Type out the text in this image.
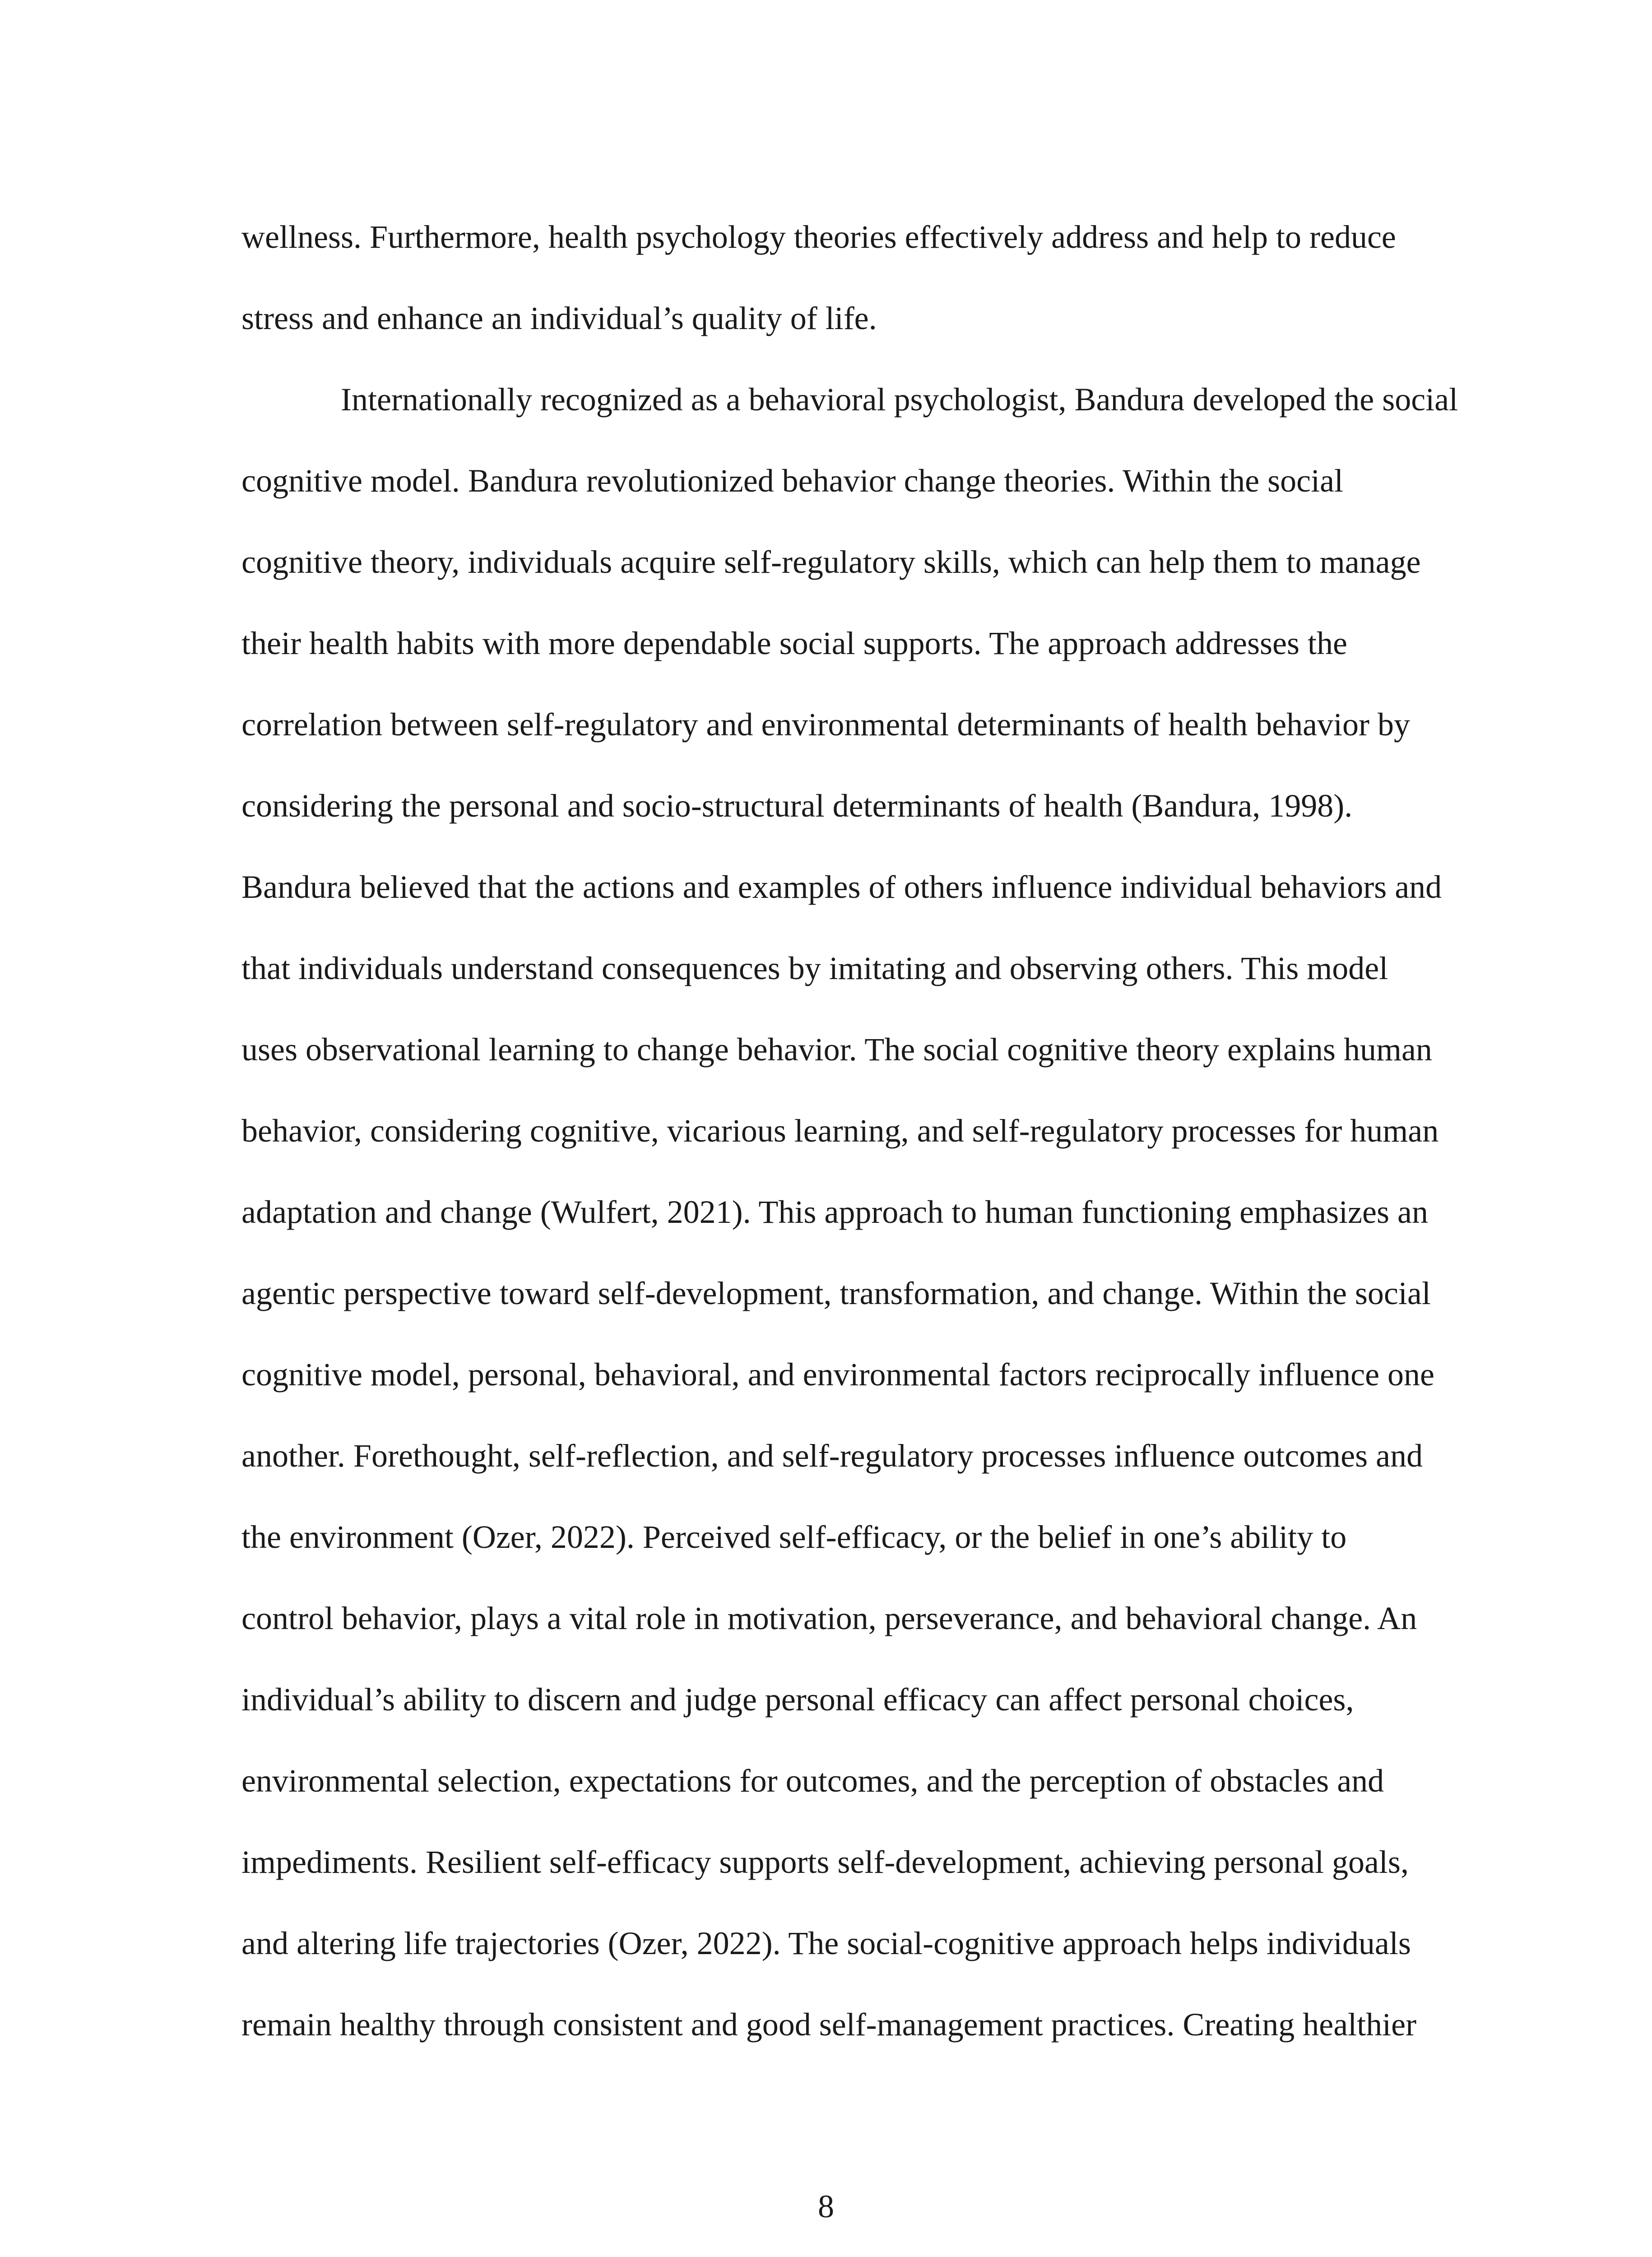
wellness. Furthermore, health psychology theories effectively address and help to reduce
stress and enhance an individual’s quality of life.
Internationally recognized as a behavioral psychologist, Bandura developed the social
cognitive model. Bandura revolutionized behavior change theories. Within the social
cognitive theory, individuals acquire self-regulatory skills, which can help them to manage
their health habits with more dependable social supports. The approach addresses the
correlation between self-regulatory and environmental determinants of health behavior by
considering the personal and socio-structural determinants of health (Bandura, 1998).
Bandura believed that the actions and examples of others influence individual behaviors and
that individuals understand consequences by imitating and observing others. This model
uses observational learning to change behavior. The social cognitive theory explains human
behavior, considering cognitive, vicarious learning, and self-regulatory processes for human
adaptation and change (Wulfert, 2021). This approach to human functioning emphasizes an
agentic perspective toward self-development, transformation, and change. Within the social
cognitive model, personal, behavioral, and environmental factors reciprocally influence one
another. Forethought, self-reflection, and self-regulatory processes influence outcomes and
the environment (Ozer, 2022). Perceived self-efficacy, or the belief in one’s ability to
control behavior, plays a vital role in motivation, perseverance, and behavioral change. An
individual’s ability to discern and judge personal efficacy can affect personal choices,
environmental selection, expectations for outcomes, and the perception of obstacles and
impediments. Resilient self-efficacy supports self-development, achieving personal goals,
and altering life trajectories (Ozer, 2022). The social-cognitive approach helps individuals
remain healthy through consistent and good self-management practices. Creating healthier
8
